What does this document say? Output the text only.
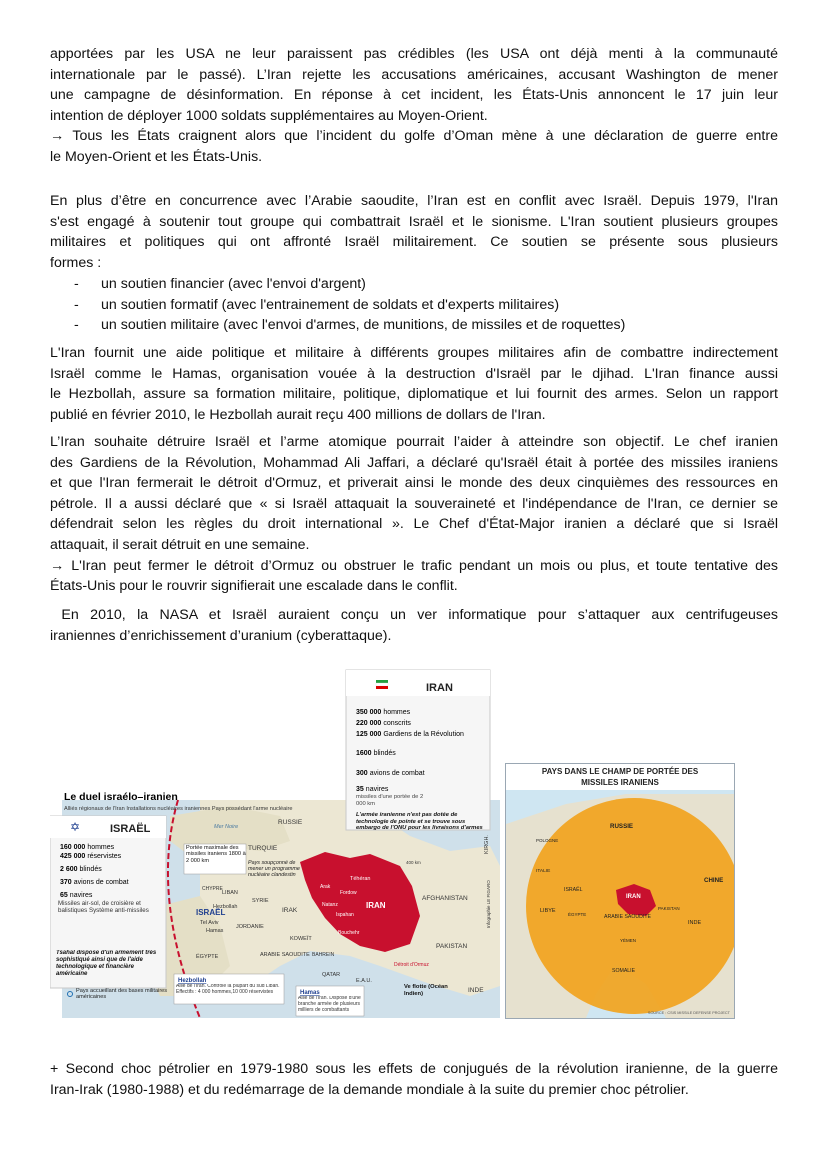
apportées par les USA ne leur paraissent pas crédibles (les USA ont déjà menti à la communauté

internationale par le passé). L’Iran rejette les accusations américaines, accusant Washington de mener

une campagne de désinformation. En réponse à cet incident, les États-Unis annoncent le 17 juin leur

intention de déployer 1000 soldats supplémentaires au Moyen-Orient.

→ Tous les États craignent alors que l’incident du golfe d’Oman mène à une déclaration de guerre entre

le Moyen-Orient et les États-Unis.

En plus d’être en concurrence avec l’Arabie saoudite, l’Iran est en conflit avec Israël. Depuis 1979, l'Iran

s'est engagé à soutenir tout groupe qui combattrait Israël et le sionisme. L'Iran soutient plusieurs groupes

militaires et politiques qui ont affronté Israël militairement. Ce soutien se présente sous plusieurs

formes :

- un soutien financier (avec l'envoi d'argent)
- un soutien formatif (avec l'entrainement de soldats et d'experts militaires)
- un soutien militaire (avec l'envoi d'armes, de munitions, de missiles et de roquettes)

L'Iran fournit une aide politique et militaire à différents groupes militaires afin de combattre indirectement

Israël comme le Hamas, organisation vouée à la destruction d'Israël par le djihad. L'Iran finance aussi

le Hezbollah, assure sa formation militaire, politique, diplomatique et lui fournit des armes. Selon un rapport

publié en février 2010, le Hezbollah aurait reçu 400 millions de dollars de l'Iran.

L’Iran souhaite détruire Israël et l’arme atomique pourrait l’aider à atteindre son objectif. Le chef iranien

des Gardiens de la Révolution, Mohammad Ali Jaffari, a déclaré qu'Israël était à portée des missiles iraniens

et que l'Iran fermerait le détroit d'Ormuz, et priverait ainsi le monde des deux cinquièmes des ressources en

pétrole. Il a aussi déclaré que « si Israël attaquait la souveraineté et l'indépendance de l'Iran, ce dernier se

défendrait selon les règles du droit international ». Le Chef d'État-Major iranien a déclaré que si Israël

attaquait, il serait détruit en une semaine.

→ L'Iran peut fermer le détroit d’Ormuz ou obstruer le trafic pendant un mois ou plus, et toute tentative des

États-Unis pour le rouvrir signifierait une escalade dans le conflit.

En 2010, la NASA et Israël auraient conçu un ver informatique pour s’attaquer aux centrifugeuses

iraniennes d’enrichissement d’uranium (cyberattaque).

✡	ISRAËL
160 000 hommes
425 000 réservistes
2 600 blindés
370 avions de combat
65 navires
Missiles air-sol, de croisière et balistiques Système anti-missiles
Tsahal dispose d'un armement très sophistiqué ainsi que de l'aide technologique et financière américaine
IRAN
350 000 hommes
220 000 conscrits
125 000 Gardiens de la Révolution
1600 blindés
300 avions de combat
35 navires
missiles d'une portée de 2 000 km
L'armée iranienne n'est pas dotée de technologie de pointe et se trouve sous embargo de l'ONU pour les livraisons d'armes
Le duel israélo–iranien
Alliés régionaux de l'Iran Installations nucléaires iraniennes Pays possédant l'arme nucléaire
Portée maximale des missiles iraniens 1800 à 2 000 km	Pays soupçonné de mener un programme nucléaire clandestin
RUSSIE
Mer Noire
TURQUIE
SYRIE
LIBAN
CHYPRE
Hezbollah
ISRAËL
Tel Aviv
Hamas
JORDANIE
ÉGYPTE
IRAK
ARABIE SAOUDITE
KOWEÏT
BAHREIN
QATAR
E.A.U.
IRAN
Téhéran
Arak
Fordow
Natanz
Ispahan
Bouchehr
AFGHANISTAN
PAKISTAN
INDE
KIRGH.
Détroit d'Ormuz
400 km
Infographie LE FIGARO
Ve flotte (Océan Indien)
Pays accueillant des bases militaires américaines
Hezbollah
Allié de l'Iran. Contrôle la plupart du sud Liban. Effectifs : 4 000 hommes,10 000 réservistes	Hamas
Allié de l'Iran. Dispose d'une branche armée de plusieurs milliers de combattants
PAYS DANS LE CHAMP DE PORTÉE DES
MISSILES IRANIENS
RUSSIE
POLOGNE
ITALIE
ISRAËL
IRAN
CHINE
LIBYE
ÉGYPTE	ARABIE SAOUDITE
PAKISTAN
INDE
YÉMEN
SOMALIE
SOURCE : CSIS MISSILE DEFENSE PROJECT

+ Second choc pétrolier en 1979-1980 sous les effets de conjugués de la révolution iranienne, de la guerre

Iran-Irak (1980-1988) et du redémarrage de la demande mondiale à la suite du premier choc pétrolier.
